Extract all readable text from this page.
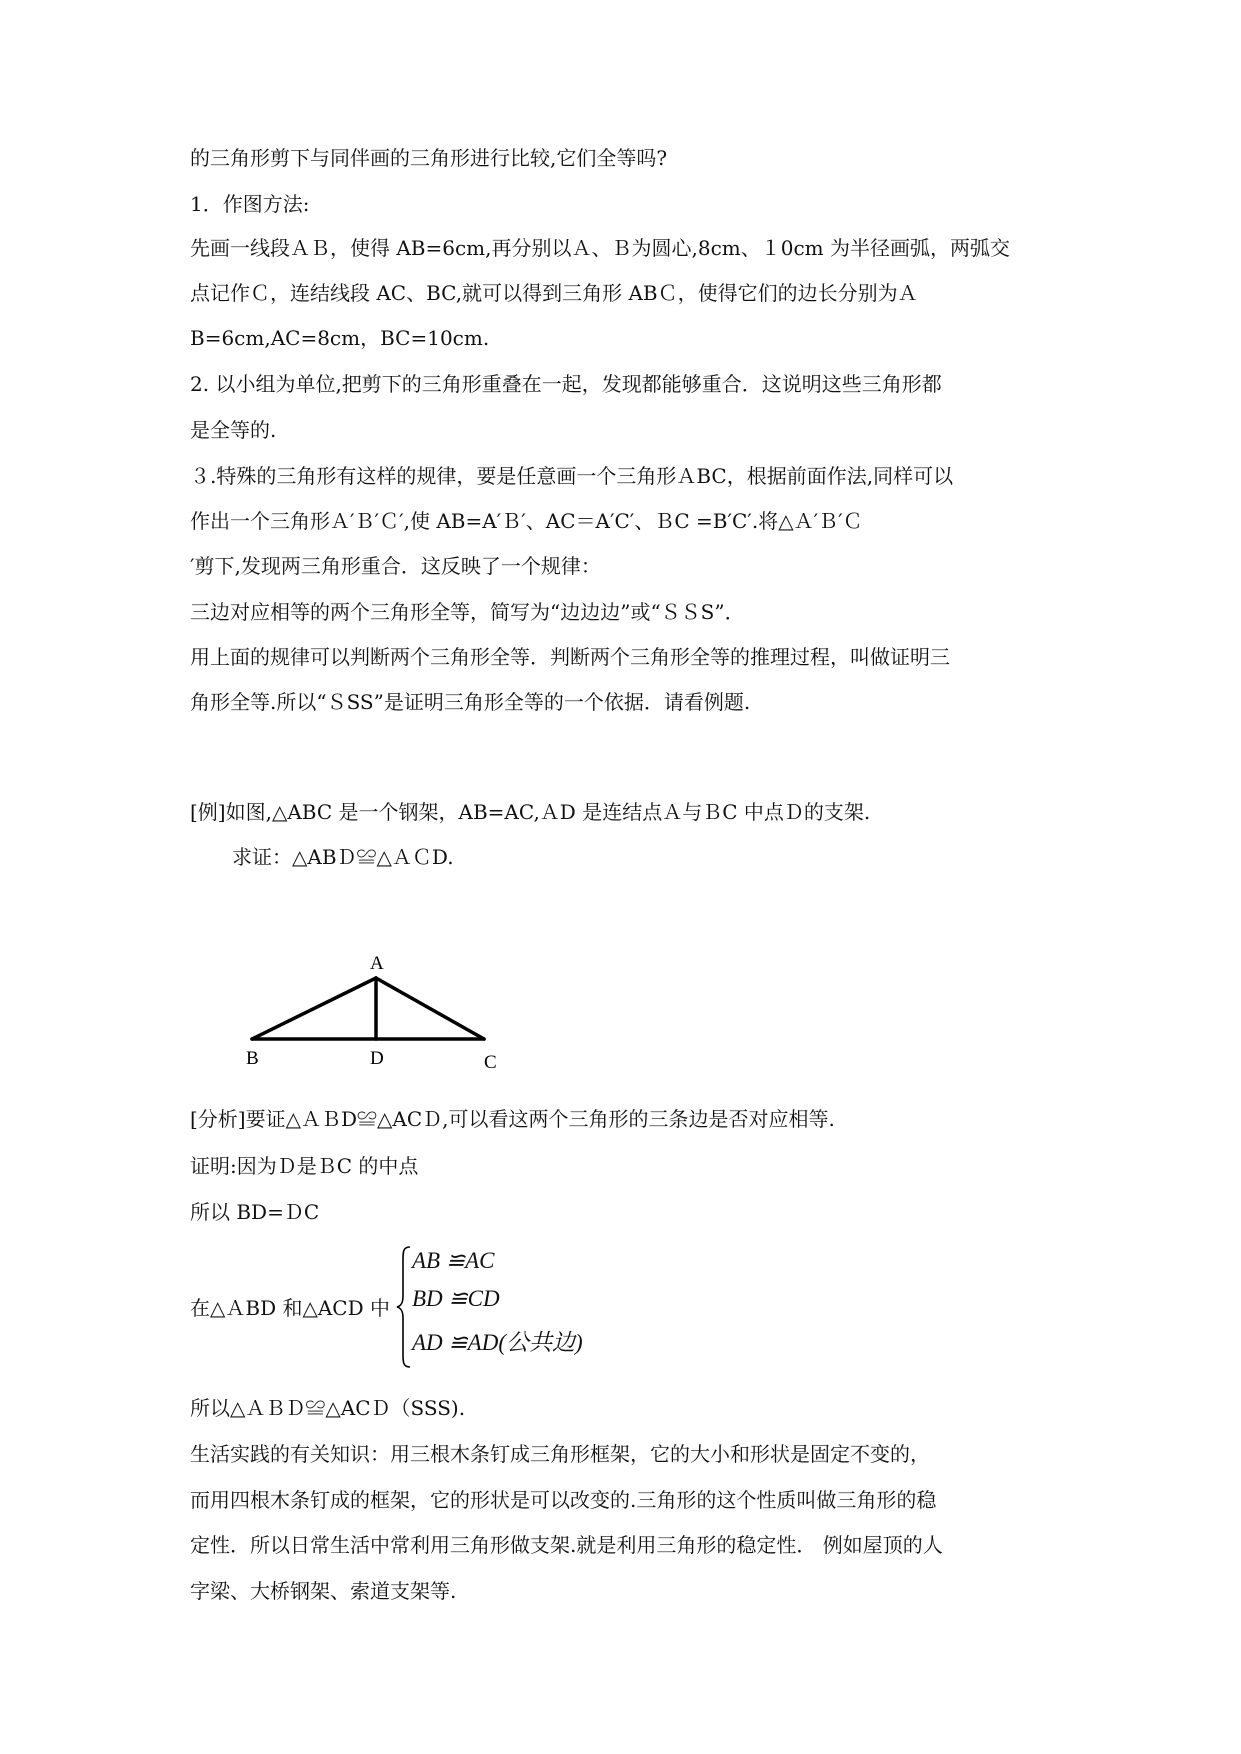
的三角形剪下与同伴画的三角形进行比较,它们全等吗?
1．作图方法:
先画一线段ＡＢ，使得 AB=6cm,再分别以Ａ、Ｂ为圆心,8cm、１0cm 为半径画弧，两弧交
点记作Ｃ，连结线段 AC、BC,就可以得到三角形 ABＣ，使得它们的边长分别为Ａ
B=6cm,AC=8cm，BC=10cm.
2. 以小组为单位,把剪下的三角形重叠在一起，发现都能够重合．这说明这些三角形都
是全等的.
３.特殊的三角形有这样的规律，要是任意画一个三角形ＡBC，根据前面作法,同样可以
作出一个三角形Ａ′Ｂ′Ｃ′,使 AB=A′Ｂ′、AC＝A′C′、ＢC =B′C′.将△Ａ′Ｂ′Ｃ
′剪下,发现两三角形重合．这反映了一个规律：
三边对应相等的两个三角形全等，简写为“边边边”或“ＳＳS”．
用上面的规律可以判断两个三角形全等．判断两个三角形全等的推理过程，叫做证明三
角形全等.所以“ＳSS”是证明三角形全等的一个依据．请看例题.
[例]如图,△ABC 是一个钢架，AB=AC,ＡD 是连结点Ａ与ＢC 中点Ｄ的支架.
求证：△ABＤ≌△ＡＣD.
A
B	D	C
[分析]要证△ＡＢD≌△ACＤ,可以看这两个三角形的三条边是否对应相等.
证明:因为Ｄ是ＢC 的中点
所以 BD=ＤC
在△ＡBD 和△ACD 中
AB ≌AC
BD ≌CD
AD ≌AD(公共边)
所以△ＡＢＤ≌△ACＤ（SSS).
生活实践的有关知识：用三根木条钉成三角形框架，它的大小和形状是固定不变的，
而用四根木条钉成的框架，它的形状是可以改变的.三角形的这个性质叫做三角形的稳
定性．所以日常生活中常利用三角形做支架.就是利用三角形的稳定性． 例如屋顶的人
字梁、大桥钢架、索道支架等.
